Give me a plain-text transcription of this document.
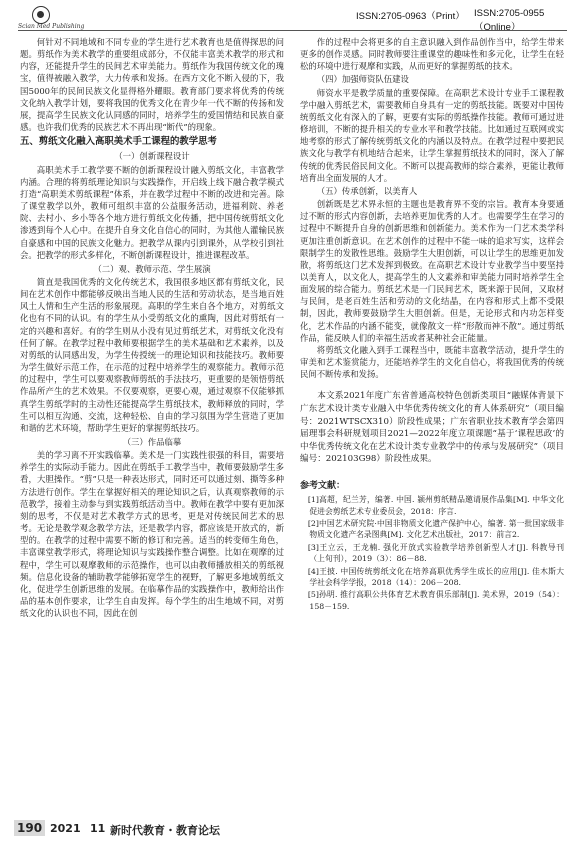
Scian Med Publishing
ISSN:2705-0963（Print） ISSN:2705-0955（Online）

何针对不同地域和不同专业的学生进行艺术教育也是值得探思的问题。剪纸作为美术教学的重要组成部分，不仅能丰富美术教学的形式和内容，还能提升学生的民间艺术审美能力。剪纸作为我国传统文化的瑰宝，值得被融入教学，大力传承和发扬。在西方文化不断入侵的下，我国5000年的民间民族文化显得格外耀眼。教育部门要求将优秀的传统文化纳入教学计划，要将我国的优秀文化在青少年一代不断的传扬和发展，提高学生民族文化认同感的同时，培养学生的爱国情结和民族自豪感。也许我们优秀的民族艺术不再出现“断代”的现象。

五、剪纸文化融入高职美术手工课程的教学思考
（一）创新课程设计

高职美术手工教学要不断的创新课程设计融入剪纸文化，丰富教学内涵。合理的将剪纸理论知识与实践操作，开启线上线下融合教学模式打造“高职美术剪纸课程”体系，并在教学过程中不断的改进和完善。除了课堂教学以外，教师可组织丰富的公益服务活动，进福利院、养老院、去村小、乡小等各个地方进行剪纸文化传播，把中国传统剪纸文化渗透到每个人心中。在提升自身文化自信心的同时，为其他人灌输民族自豪感和中国的民族文化魅力。把教学从课内引到课外，从学校引到社会。把教学的形式多样化，不断创新课程设计，推进课程改革。

（二）观、教师示范、学生展演

简直是我国优秀的文化传统艺术，我国很多地区都有剪纸文化，民间在艺术创作中都能够反映出当地人民的生活和劳动状态，是当地百姓风土人情和生产生活的形象展现。高职的学生来自各个地方，对剪纸文化也有不同的认识。有的学生从小受剪纸文化的熏陶，因此对剪纸有一定的兴趣和喜好。有的学生则从小没有见过剪纸艺术，对剪纸文化没有任何了解。在教学过程中教师要根据学生的美术基础和艺术素养，以及对剪纸的认同感出发，为学生传授统一的理论知识和技能技巧。教师要为学生做好示范工作，在示范的过程中培养学生的观察能力。教师示范的过程中，学生可以要观察教师剪纸的手法技巧，更重要的是领悟剪纸作品所产生的艺术效果。不仅要观察，更要心观，通过观察不仅能够抓真学生剪纸学时的主动性还能提高学生剪纸技术，教师释放的同时，学生可以相互沟通、交流，这种轻松、自由的学习氛围为学生营造了更加和谐的艺术环境，帮助学生更好的掌握剪纸技巧。

（三）作品临摹

美的学习离不开实践临摹。美术是一门实践性很强的科目，需要培养学生的实际动手能力。因此在剪纸手工教学当中，教师要鼓励学生多看，大胆操作。“剪”只是一种表达形式，同时还可以通过刻、撕等多种方法进行创作。学生在掌握好相关的理论知识之后，认真观察教师的示范教学，接着主动参与到实践剪纸活动当中。教师在教学中要有更加深刻的思考，不仅是对艺术教学方式的思考，更是对传统民间艺术的思考。无论是教学观念教学方法，还是教学内容，都应该是开放式的，新型的。在教学的过程中需要不断的修订和完善。适当的转变师生角色，丰富课堂教学形式，将理论知识与实践操作整合调整。比如在观摩的过程中，学生可以观摩教师的示范操作，也可以由教师播放相关的剪纸视频。信息化设备的辅助教学能够拓宽学生的视野，了解更多地域剪纸文化，促进学生创新思维的发展。在临摹作品的实践操作中，教师给出作品的基本创作要求，让学生自由发挥。每个学生的出生地域不同，对剪纸文化的认识也不同，因此在创

作的过程中会将更多的自主意识融入到作品创作当中，给学生带来更多的创作灵感。同时教师要注重课堂的趣味性和多元化，让学生在轻松的环境中进行观摩和实践，从而更好的掌握剪纸的技术。

（四）加强师资队伍建设

师资水平是教学质量的重要保障。在高职艺术设计专业手工课程教学中融入剪纸艺术，需要教师自身具有一定的剪纸技能。既要对中国传统剪纸文化有深入的了解，更要有实际的剪纸操作技能。教师可通过进修培训，不断的提升相关的专业水平和教学技能。比如通过互联网或实地考察的形式了解传统剪纸文化的内涵以及特点。在教学过程中要把民族文化与教学有机地结合起来，让学生掌握剪纸技术的同时，深入了解传统的优秀民俗民间文化。不断可以提高教师的综合素养，更能让教师培育出全面发展的人才。

（五）传承创新，以美育人

创新既是艺术界永恒的主题也是教育界不变的宗旨。教育本身要通过不断的形式内容创新，去培养更加优秀的人才。也需要学生在学习的过程中不断提升自身的创新思维和创新能力。美术作为一门艺术类学科更加注重创新意识。在艺术创作的过程中不能一味的追求写实，这样会限制学生的发散性思维。鼓励学生大胆创新，可以让学生的思维更加发散，将剪纸这门艺术发挥到极致。在高职艺术设计专业教学当中要坚持以美育人，以文化人，提高学生的人文素养和审美能力同时培养学生全面发展的综合能力。剪纸艺术是一门民间艺术，既来源于民间，又取材与民间，是老百姓生活和劳动的文化结晶，在内容和形式上都不受限制，因此，教师要鼓励学生大胆创新。但是，无论形式和内功怎样变化，艺术作品的内涵不能变，就像散文一样“形散而神不散”。通过剪纸作品，能反映人们的幸福生活或者某种社会正能量。

将剪纸文化融入到手工课程当中，既能丰富教学活动，提升学生的审美和艺术鉴赏能力，还能培养学生的文化自信心，将我国优秀的传统民间不断传承和发扬。

本文系2021年度广东省普通高校特色创新类项目“融媒体背景下广东艺术设计类专业融入中华优秀传统文化的育人体系研究”（项目编号：2021WTSCX310）阶段性成果；广东省职业技术教育学会第四届理事会科研规划项目2021—2022年度立项课题“基于‘课程思政’的中华优秀传统文化在艺术设计类专业教学中的传承与发展研究”（项目编号：202103G98）阶段性成果。

参考文献：

[1]高超，纪兰芳，编著. 中国. 颍州剪纸精品邀请展作品集[M]. 中华文化促进会剪纸艺术专业委员会，2018：序言.

[2]中国艺术研究院·中国非物质文化遗产保护中心，编著. 第一批国家级非物质文化遗产名录图典[M]. 文化艺术出版社，2017：前言2.

[3]王立云，王龙楠. 强化开放式实验教学培养创新型人才[J]. 科教导刊（上旬刊），2019（3）：86－88.

[4]王披. 中国传统剪纸文化在培养高职优秀学生成长的应用[J]. 佳木斯大学社会科学学报，2018（14）：206－208.

[5]孙明. 推行高职公共体育艺术教育俱乐部制[J]. 美术界，2019（54）：158－159.

190 2021 11 新时代教育・教育论坛
